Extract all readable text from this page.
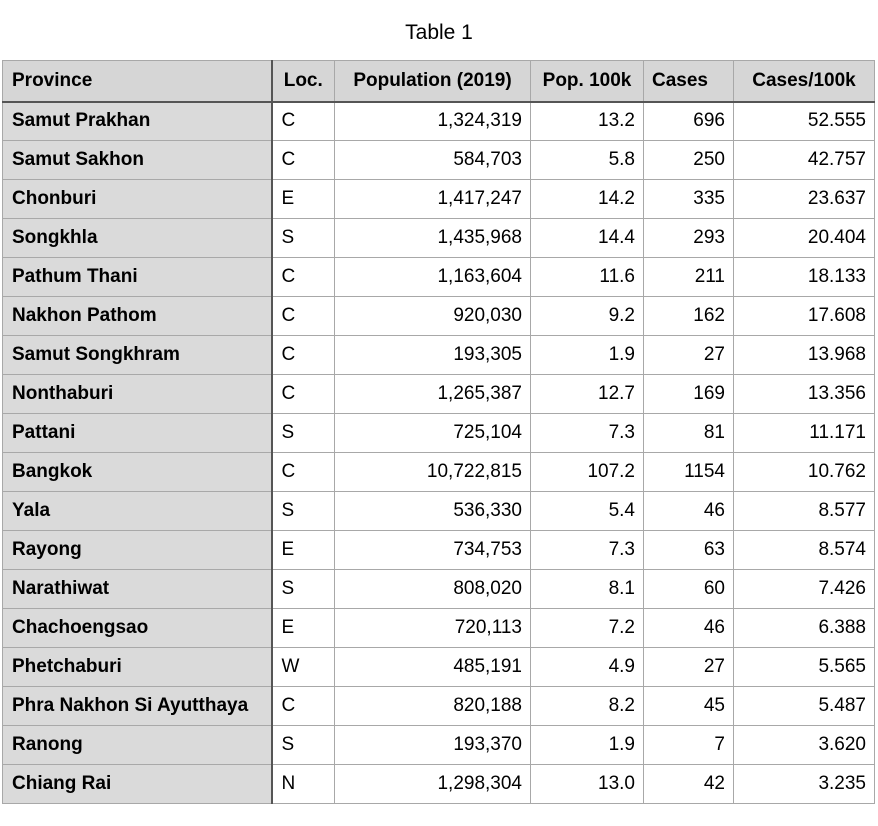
Table 1
Province	Loc.	Population (2019)	Pop. 100k	Cases	Cases/100k
Samut Prakhan	C	1,324,319	13.2	696	52.555
Samut Sakhon	C	584,703	5.8	250	42.757
Chonburi	E	1,417,247	14.2	335	23.637
Songkhla	S	1,435,968	14.4	293	20.404
Pathum Thani	C	1,163,604	11.6	211	18.133
Nakhon Pathom	C	920,030	9.2	162	17.608
Samut Songkhram	C	193,305	1.9	27	13.968
Nonthaburi	C	1,265,387	12.7	169	13.356
Pattani	S	725,104	7.3	81	11.171
Bangkok	C	10,722,815	107.2	1154	10.762
Yala	S	536,330	5.4	46	8.577
Rayong	E	734,753	7.3	63	8.574
Narathiwat	S	808,020	8.1	60	7.426
Chachoengsao	E	720,113	7.2	46	6.388
Phetchaburi	W	485,191	4.9	27	5.565
Phra Nakhon Si Ayutthaya	C	820,188	8.2	45	5.487
Ranong	S	193,370	1.9	7	3.620
Chiang Rai	N	1,298,304	13.0	42	3.235
